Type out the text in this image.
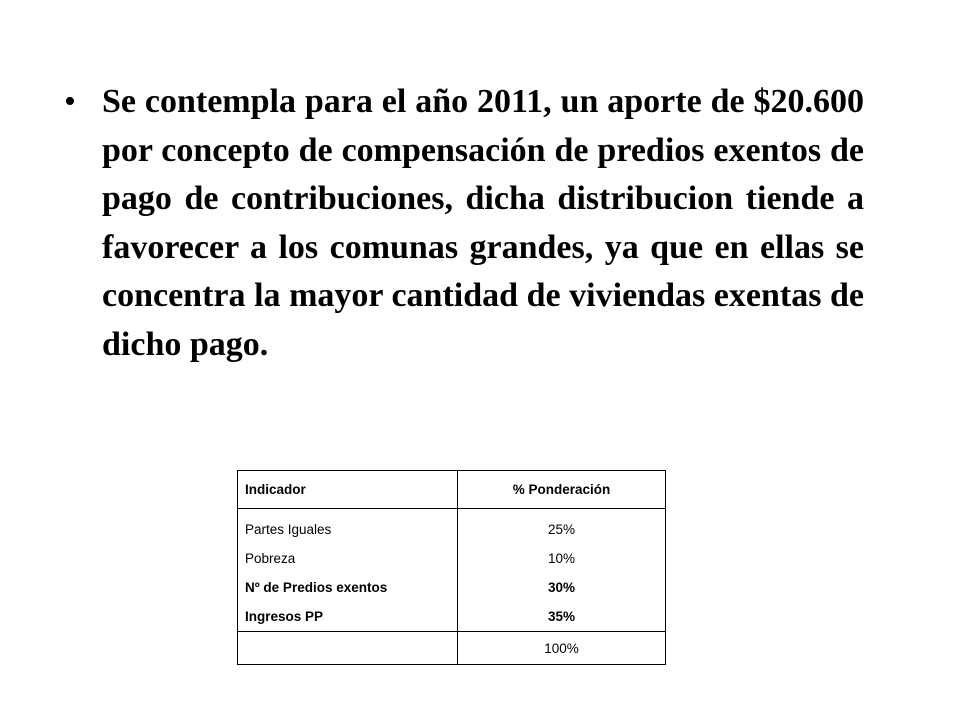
• Se contempla para el año 2011, un aporte de $20.600 por concepto de compensación de predios exentos de pago de contribuciones, dicha distribucion tiende a favorecer a los comunas grandes, ya que en ellas se concentra la mayor cantidad de viviendas exentas de dicho pago.

Indicador	% Ponderación
Partes Iguales	25%
Pobreza	10%
Nº de Predios exentos	30%
Ingresos PP	35%
	100%
